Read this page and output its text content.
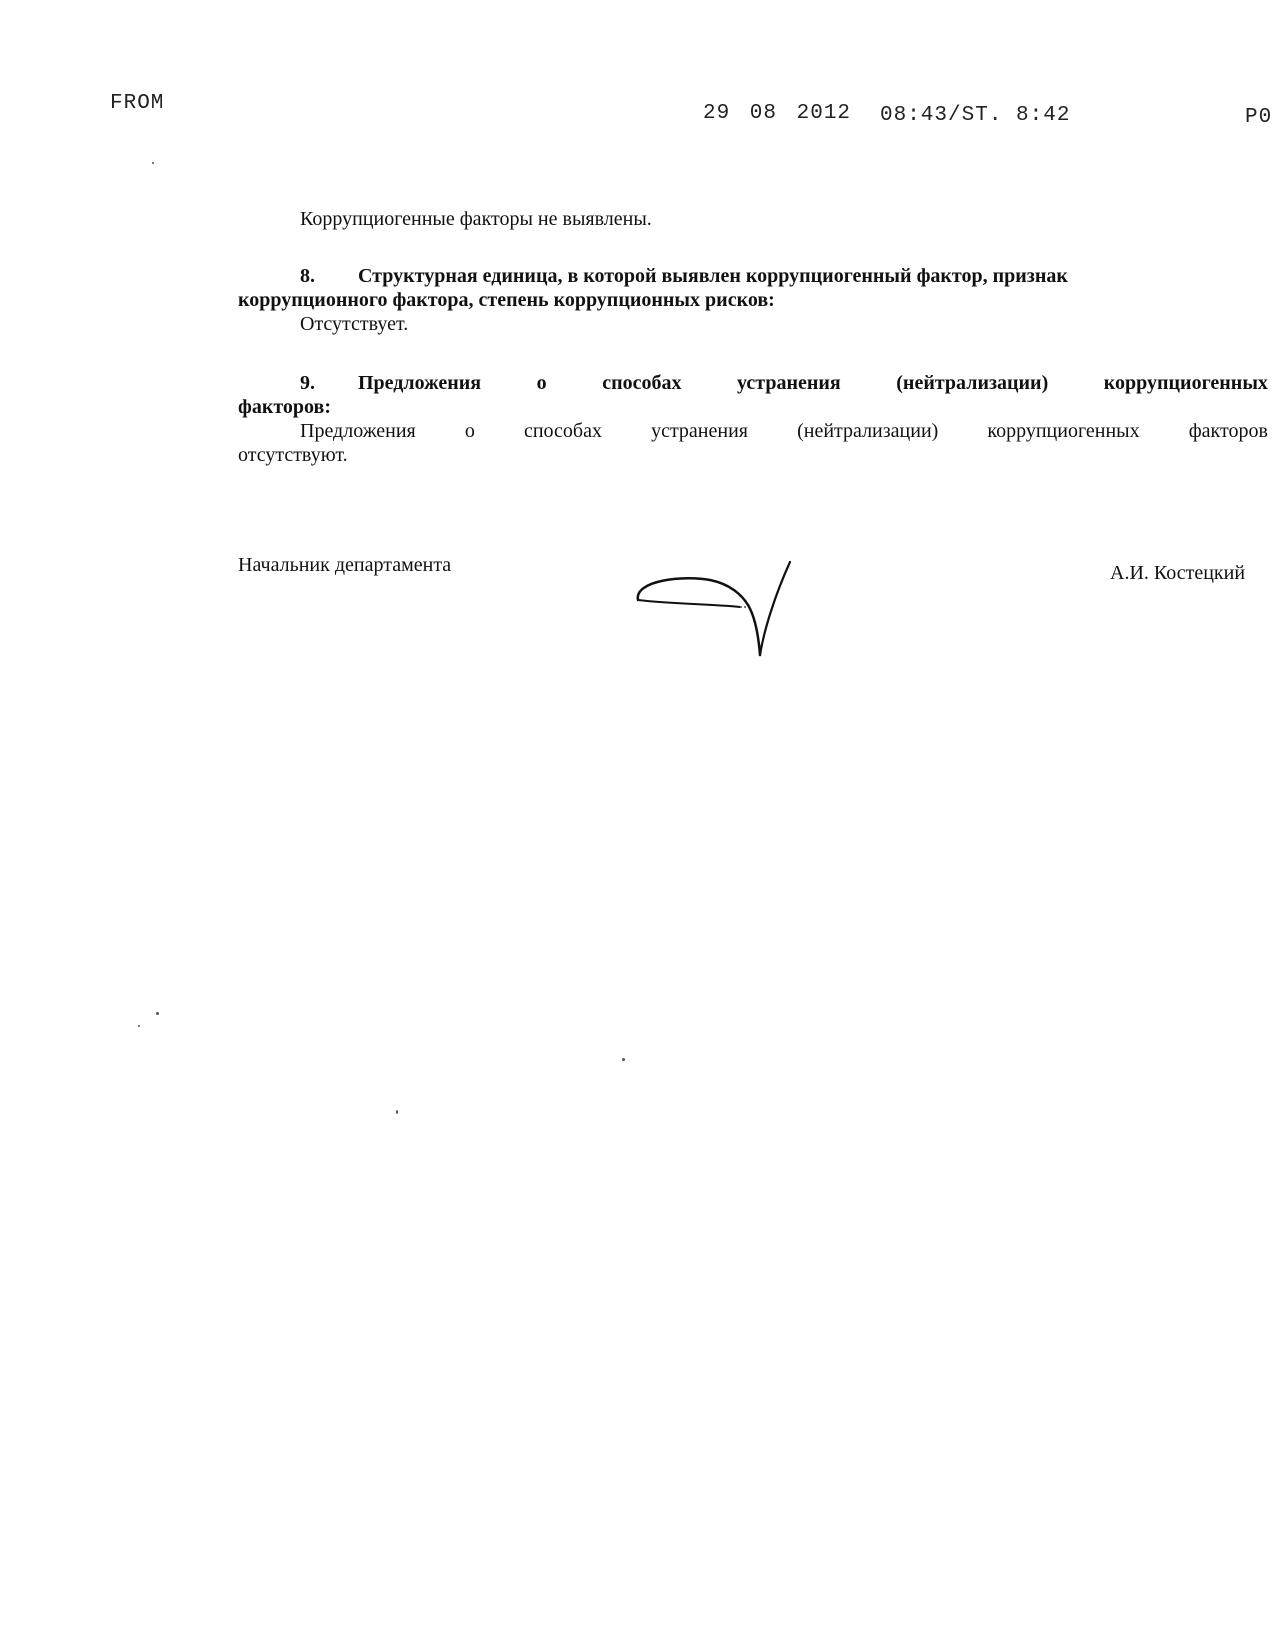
FROM	29 08 2012 08:43/ST. 8:42	P0
Коррупциогенные факторы не выявлены.
8. Структурная единица, в которой выявлен коррупциогенный фактор, признак
коррупционного фактора, степень коррупционных рисков:
Отсутствует.
9. Предложения	о	способах	устранения	(нейтрализации)	коррупциогенных
факторов:
Предложения о способах устранения (нейтрализации) коррупциогенных факторов
отсутствуют.
Начальник департамента	А.И. Костецкий
